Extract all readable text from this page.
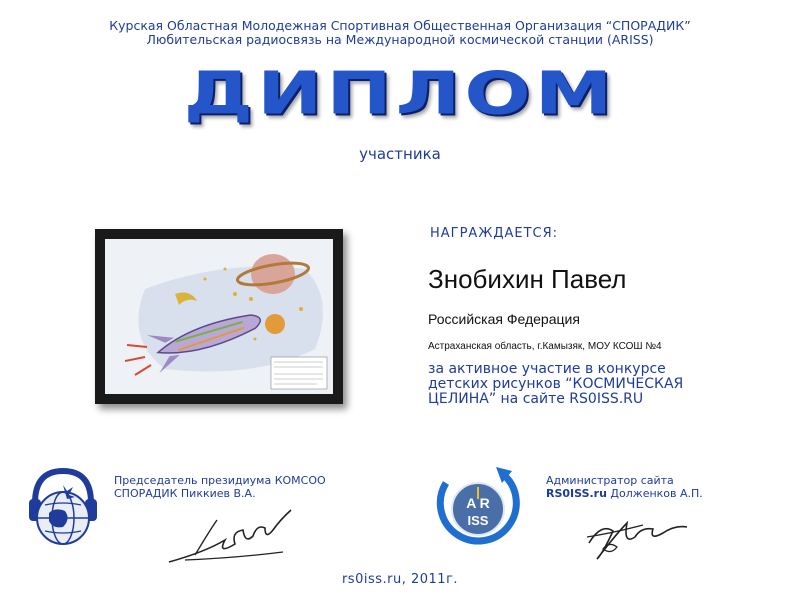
Курская Областная Молодежная Спортивная Общественная Организация “СПОРАДИК”
Любительская радиосвязь на Международной космической станции (ARISS)
ДИПЛОМ
участника
НАГРАЖДАЕТСЯ:
Знобихин Павел
Российская Федерация
Астраханская область, г.Камызяк, МОУ КСОШ №4
за активное участие в конкурсе
детских рисунков “КОСМИЧЕСКАЯ
ЦЕЛИНА” на сайте RS0ISS.RU
Председатель президиума КОМСОО
СПОРАДИК Пиккиев В.А.
A R
ISS
Администратор сайта
RS0ISS.ru Долженков А.П.
rs0iss.ru, 2011г.
